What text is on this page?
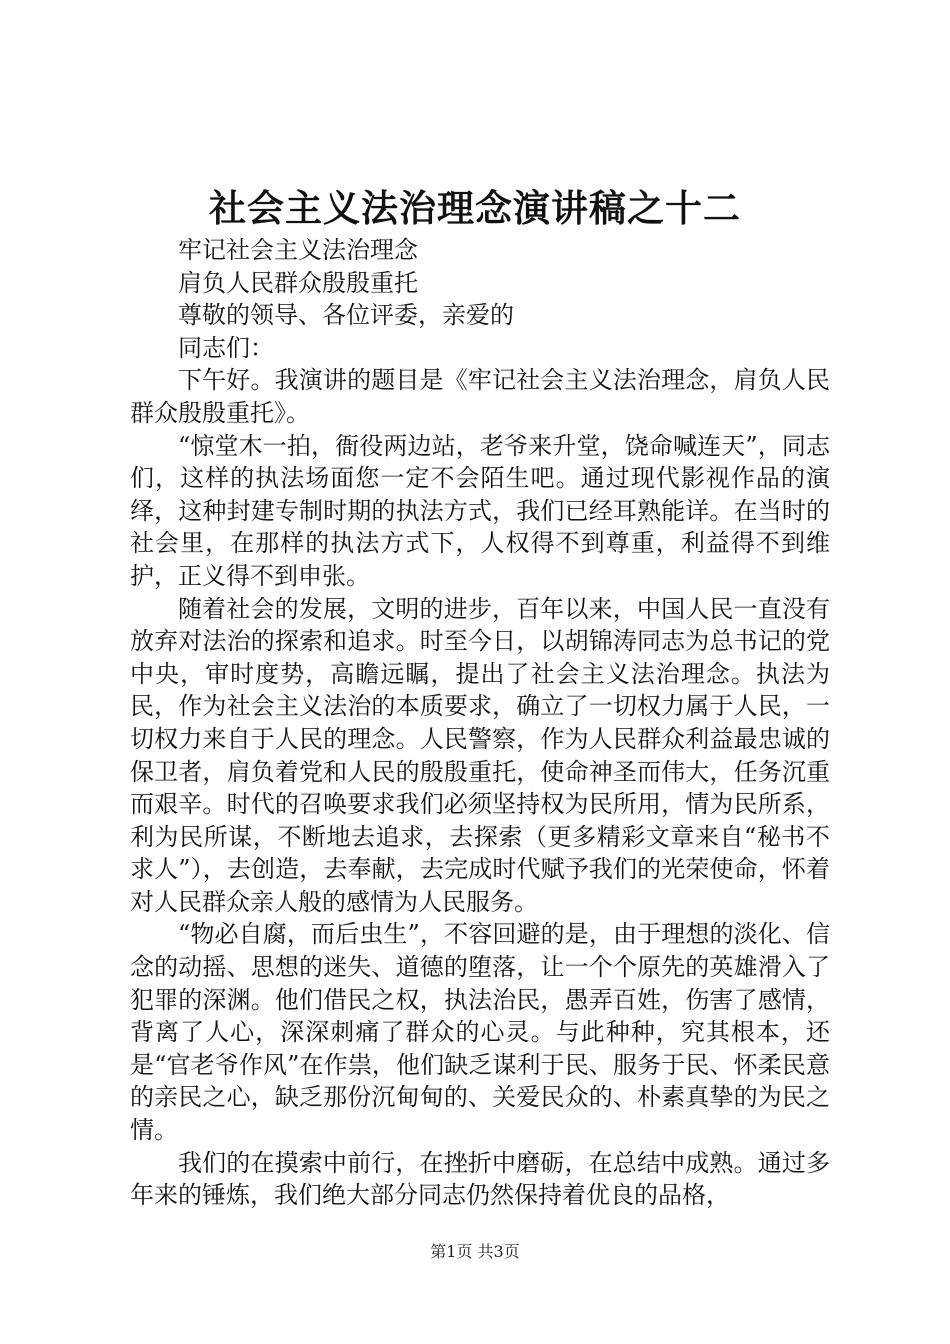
社会主义法治理念演讲稿之十二

牢记社会主义法治理念

肩负人民群众殷殷重托

尊敬的领导、各位评委，亲爱的

同志们：

下午好。我演讲的题目是《牢记社会主义法治理念，肩负人民群众殷殷重托》。

“惊堂木一拍，衙役两边站，老爷来升堂，饶命喊连天”，同志们，这样的执法场面您一定不会陌生吧。通过现代影视作品的演绎，这种封建专制时期的执法方式，我们已经耳熟能详。在当时的社会里，在那样的执法方式下，人权得不到尊重，利益得不到维护，正义得不到申张。

随着社会的发展，文明的进步，百年以来，中国人民一直没有放弃对法治的探索和追求。时至今日，以胡锦涛同志为总书记的党中央，审时度势，高瞻远瞩，提出了社会主义法治理念。执法为民，作为社会主义法治的本质要求，确立了一切权力属于人民，一切权力来自于人民的理念。人民警察，作为人民群众利益最忠诚的保卫者，肩负着党和人民的殷殷重托，使命神圣而伟大，任务沉重而艰辛。时代的召唤要求我们必须坚持权为民所用，情为民所系，利为民所谋，不断地去追求，去探索（更多精彩文章来自“秘书不求人”），去创造，去奉献，去完成时代赋予我们的光荣使命，怀着对人民群众亲人般的感情为人民服务。

“物必自腐，而后虫生”，不容回避的是，由于理想的淡化、信念的动摇、思想的迷失、道德的堕落，让一个个原先的英雄滑入了犯罪的深渊。他们借民之权，执法治民，愚弄百姓，伤害了感情，背离了人心，深深刺痛了群众的心灵。与此种种，究其根本，还是“官老爷作风”在作祟，他们缺乏谋利于民、服务于民、怀柔民意的亲民之心，缺乏那份沉甸甸的、关爱民众的、朴素真挚的为民之情。

我们的在摸索中前行，在挫折中磨砺，在总结中成熟。通过多年来的锤炼，我们绝大部分同志仍然保持着优良的品格，

第1页 共3页
